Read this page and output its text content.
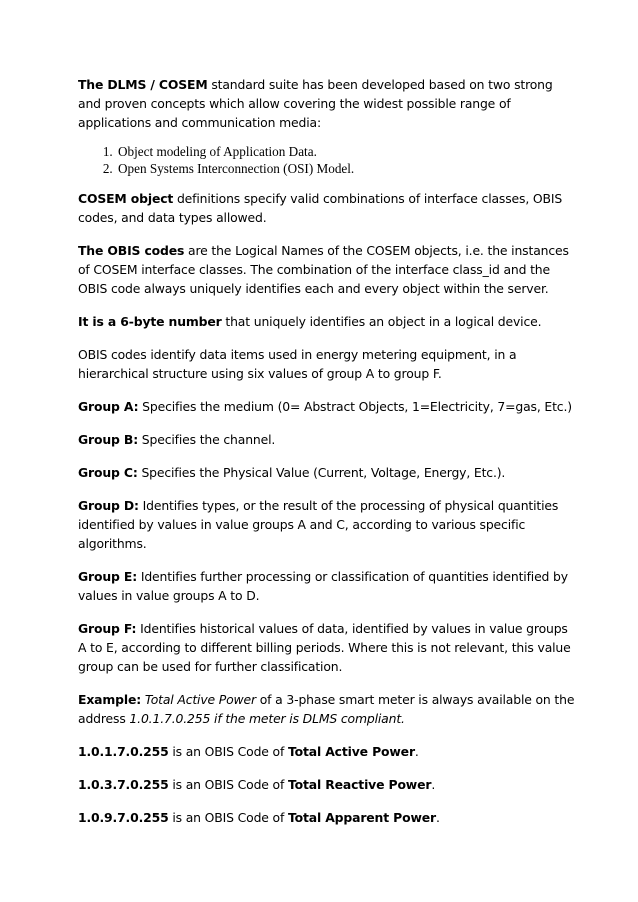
The DLMS / COSEM standard suite has been developed based on two strong and proven concepts which allow covering the widest possible range of applications and communication media:

1. Object modeling of Application Data.
2. Open Systems Interconnection (OSI) Model.

COSEM object definitions specify valid combinations of interface classes, OBIS codes, and data types allowed.

The OBIS codes are the Logical Names of the COSEM objects, i.e. the instances of COSEM interface classes. The combination of the interface class_id and the OBIS code always uniquely identifies each and every object within the server.

It is a 6-byte number that uniquely identifies an object in a logical device.

OBIS codes identify data items used in energy metering equipment, in a hierarchical structure using six values of group A to group F.

Group A: Specifies the medium (0= Abstract Objects, 1=Electricity, 7=gas, Etc.)

Group B: Specifies the channel.

Group C: Specifies the Physical Value (Current, Voltage, Energy, Etc.).

Group D: Identifies types, or the result of the processing of physical quantities identified by values in value groups A and C, according to various specific algorithms.

Group E: Identifies further processing or classification of quantities identified by values in value groups A to D.

Group F: Identifies historical values of data, identified by values in value groups A to E, according to different billing periods. Where this is not relevant, this value group can be used for further classification.

Example: Total Active Power of a 3-phase smart meter is always available on the address 1.0.1.7.0.255 if the meter is DLMS compliant.

1.0.1.7.0.255 is an OBIS Code of Total Active Power.

1.0.3.7.0.255 is an OBIS Code of Total Reactive Power.

1.0.9.7.0.255 is an OBIS Code of Total Apparent Power.
